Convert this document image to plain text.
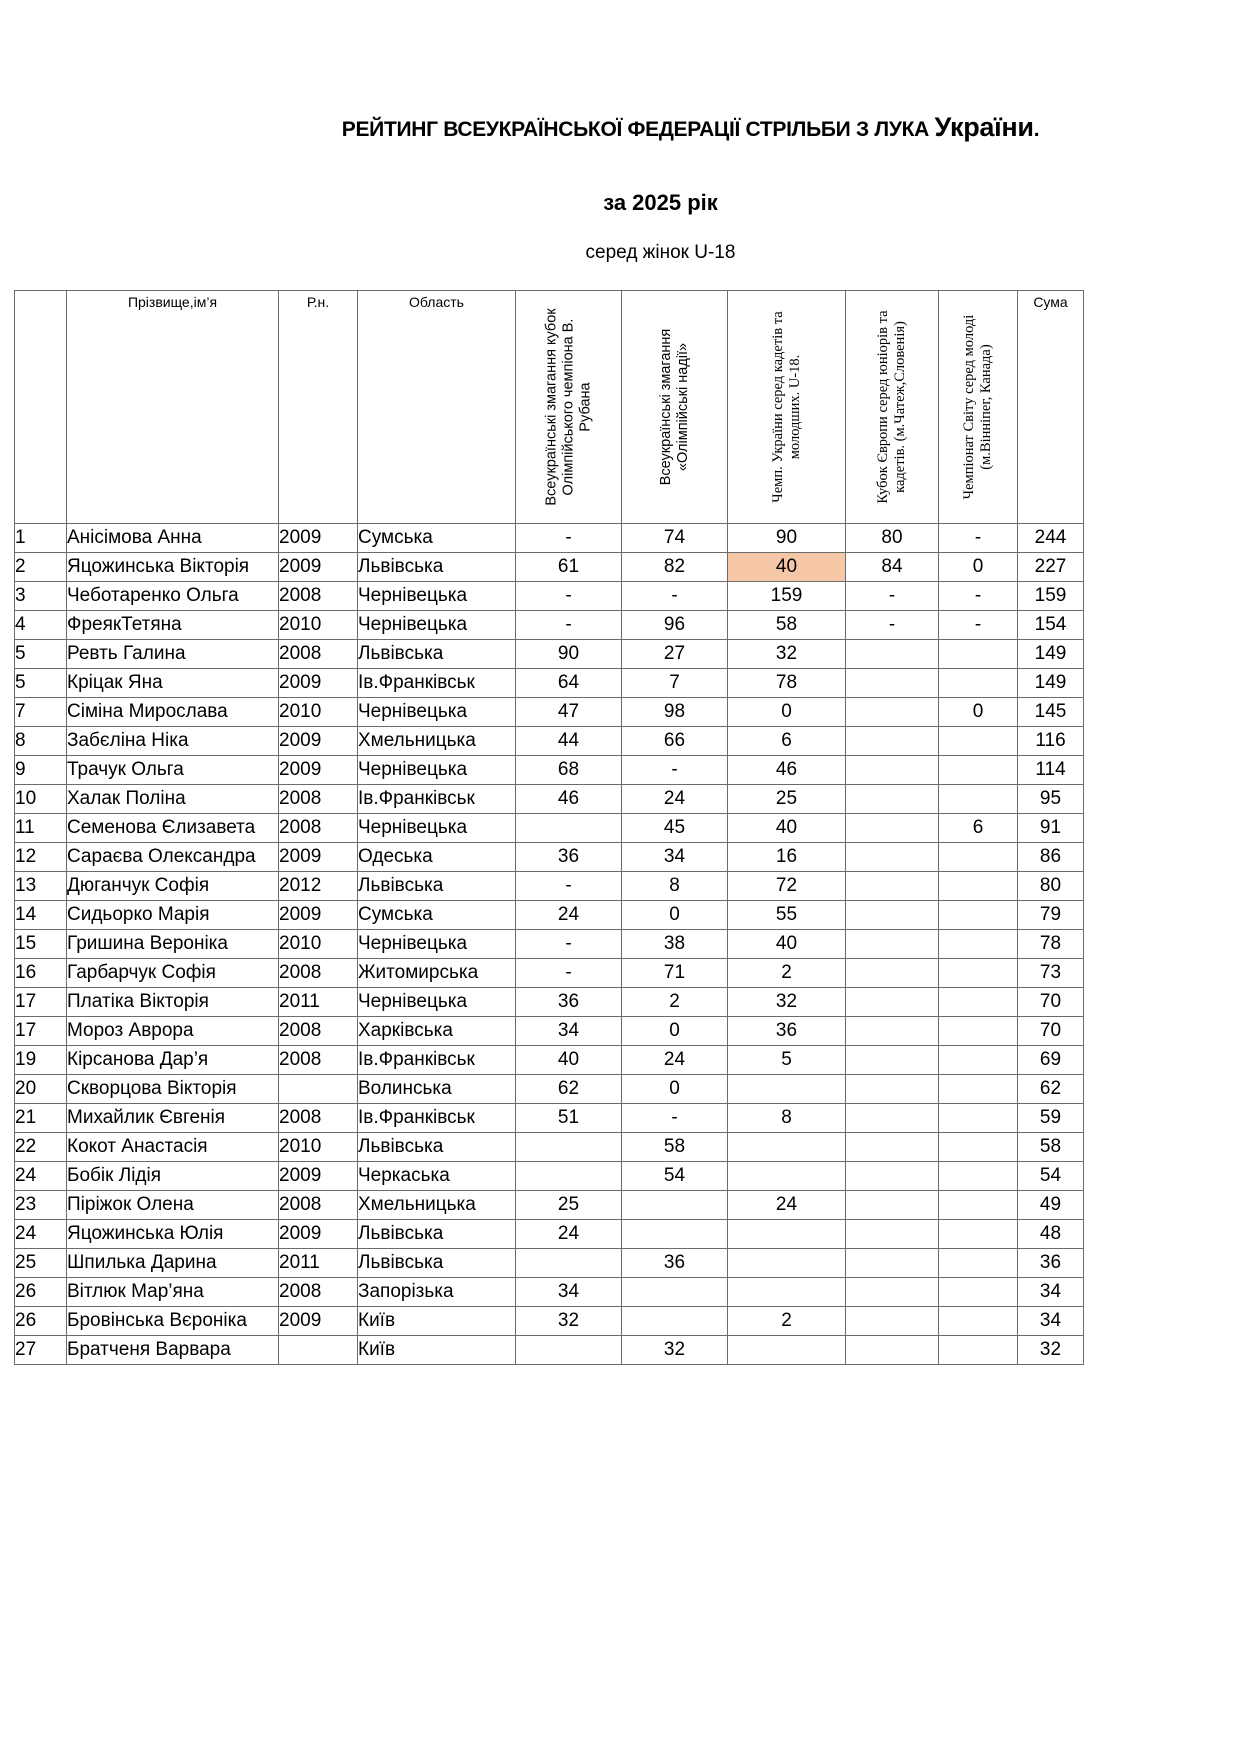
РЕЙТИНГ ВСЕУКРАЇНСЬКОЇ ФЕДЕРАЦІЇ СТРІЛЬБИ З ЛУКА України.
за 2025 рік
серед жінок U-18
	Прізвище,ім’я	Р.н.	Область	Всеукраїнські змагання кубок Олімпійського чемпіона В. Рубана	Всеукраїнські змагання «Олімпійські надії»	Чемп. України серед кадетів та молодших. U-18.	Кубок Європи серед юніорів та кадетів. (м.Чатеж,Словенія)	Чемпіонат Світу серед молоді (м.Вінніпег, Канада)	Сума
1	Анісімова Анна	2009	Сумська	-	74	90	80	-	244
2	Яцожинська Вікторія	2009	Львівська	61	82	40	84	0	227
3	Чеботаренко Ольга	2008	Чернівецька	-	-	159	-	-	159
4	ФреякТетяна	2010	Чернівецька	-	96	58	-	-	154
5	Ревть Галина	2008	Львівська	90	27	32			149
5	Кріцак Яна	2009	Ів.Франківськ	64	7	78			149
7	Сіміна Мирослава	2010	Чернівецька	47	98	0		0	145
8	Забєліна Ніка	2009	Хмельницька	44	66	6			116
9	Трачук Ольга	2009	Чернівецька	68	-	46			114
10	Халак Поліна	2008	Ів.Франківськ	46	24	25			95
11	Семенова Єлизавета	2008	Чернівецька		45	40		6	91
12	Сараєва Олександра	2009	Одеська	36	34	16			86
13	Дюганчук Софія	2012	Львівська	-	8	72			80
14	Сидьорко Марія	2009	Сумська	24	0	55			79
15	Гришина Вероніка	2010	Чернівецька	-	38	40			78
16	Гарбарчук Софія	2008	Житомирська	-	71	2			73
17	Платіка Вікторія	2011	Чернівецька	36	2	32			70
17	Мороз Аврора	2008	Харківська	34	0	36			70
19	Кірсанова Дар’я	2008	Ів.Франківськ	40	24	5			69
20	Скворцова Вікторія		Волинська	62	0				62
21	Михайлик Євгенія	2008	Ів.Франківськ	51	-	8			59
22	Кокот Анастасія	2010	Львівська		58				58
24	Бобік Лідія	2009	Черкаська		54				54
23	Піріжок Олена	2008	Хмельницька	25		24			49
24	Яцожинська Юлія	2009	Львівська	24					48
25	Шпилька Дарина	2011	Львівська		36				36
26	Вітлюк Мар’яна	2008	Запорізька	34					34
26	Бровінська Вєроніка	2009	Київ	32		2			34
27	Братченя Варвара		Київ		32				32
